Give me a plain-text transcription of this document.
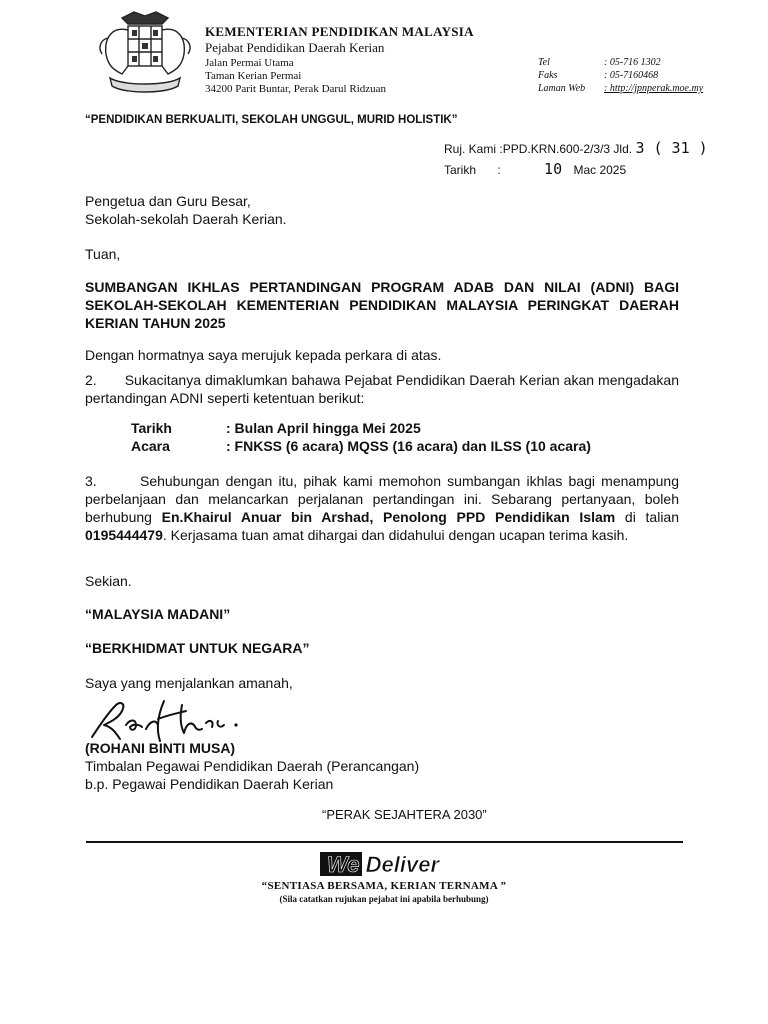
KEMENTERIAN PENDIDIKAN MALAYSIA
Pejabat Pendidikan Daerah Kerian
Jalan Permai Utama
Taman Kerian Permai
34200 Parit Buntar, Perak Darul Ridzuan
Tel	: 05-716 1302
Faks	: 05-7160468
Laman Web : http://jpnperak.moe.my
“PENDIDIKAN BERKUALITI, SEKOLAH UNGGUL, MURID HOLISTIK”
Ruj. Kami :PPD.KRN.600-2/3/3 Jld. 3 ( 31 )
Tarikh :	10 Mac 2025
Pengetua dan Guru Besar,
Sekolah-sekolah Daerah Kerian.
Tuan,
SUMBANGAN IKHLAS PERTANDINGAN PROGRAM ADAB DAN NILAI (ADNI) BAGI SEKOLAH-SEKOLAH KEMENTERIAN PENDIDIKAN MALAYSIA PERINGKAT DAERAH KERIAN TAHUN 2025
Dengan hormatnya saya merujuk kepada perkara di atas.
2.       Sukacitanya dimaklumkan bahawa Pejabat Pendidikan Daerah Kerian akan mengadakan pertandingan ADNI seperti ketentuan berikut:
Tarikh	: Bulan April hingga Mei 2025
Acara	: FNKSS (6 acara) MQSS (16 acara) dan ILSS (10 acara)
3.       Sehubungan dengan itu, pihak kami memohon sumbangan ikhlas bagi menampung perbelanjaan dan melancarkan perjalanan pertandingan ini. Sebarang pertanyaan, boleh berhubung En.Khairul Anuar bin Arshad, Penolong PPD Pendidikan Islam di talian 0195444479. Kerjasama tuan amat dihargai dan didahului dengan ucapan terima kasih.
Sekian.
“MALAYSIA MADANI”
“BERKHIDMAT UNTUK NEGARA”
Saya yang menjalankan amanah,
(ROHANI BINTI MUSA)
Timbalan Pegawai Pendidikan Daerah (Perancangan)
b.p. Pegawai Pendidikan Daerah Kerian
“PERAK SEJAHTERA 2030”
We Deliver
“SENTIASA BERSAMA, KERIAN TERNAMA ”
(Sila catatkan rujukan pejabat ini apabila berhubung)
